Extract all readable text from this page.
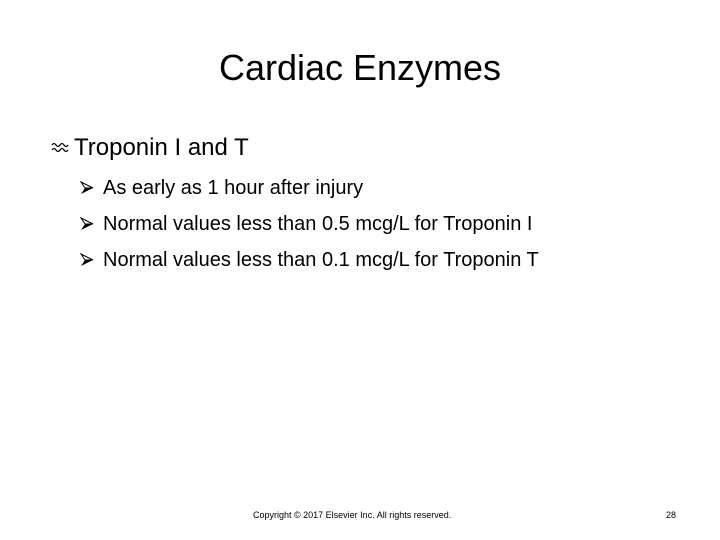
Cardiac Enzymes
Troponin I and T
As early as 1 hour after injury
Normal values less than 0.5 mcg/L for Troponin I
Normal values less than 0.1 mcg/L for Troponin T
Copyright © 2017 Elsevier Inc. All rights reserved.	28
